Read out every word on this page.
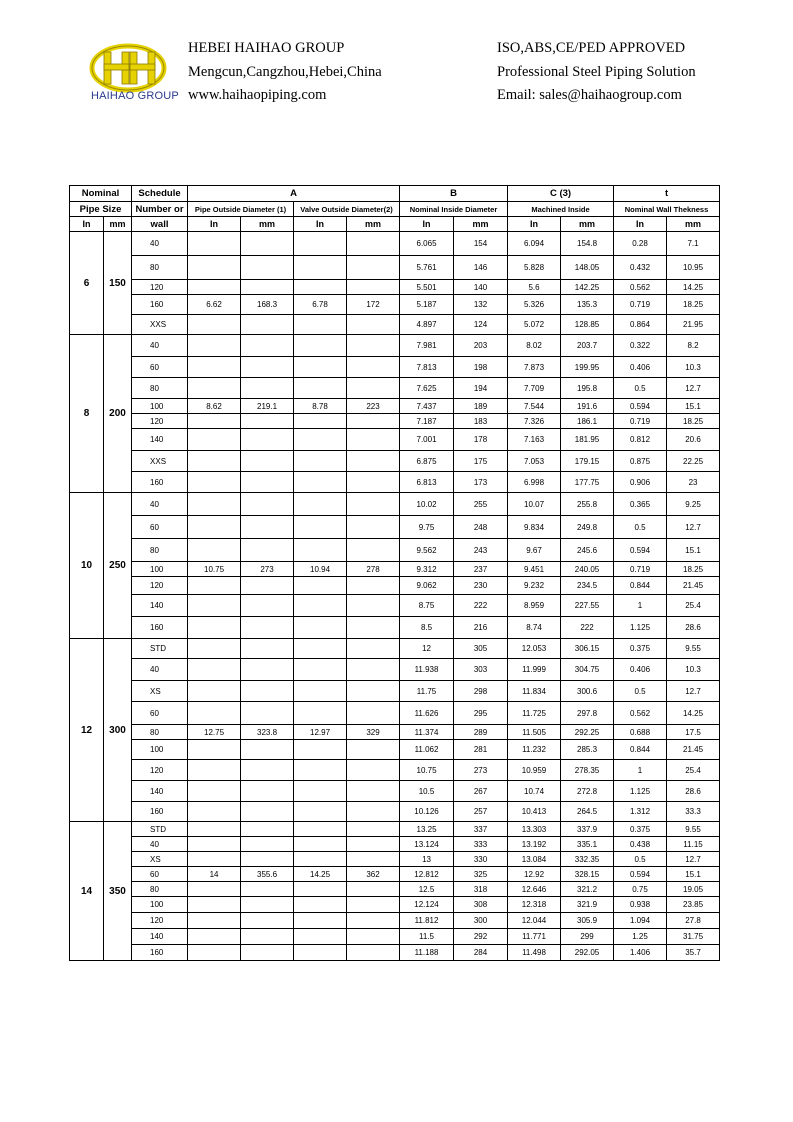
HAIHAO GROUP
HEBEI HAIHAO GROUP
Mengcun,Cangzhou,Hebei,China
www.haihaopiping.com
ISO,ABS,CE/PED APPROVED
Professional Steel Piping Solution
Email: sales@haihaogroup.com
Nominal		Schedule	A				B		C (3)		t	
Pipe Size		Number or	Pipe Outside Diameter (1)		Valve Outside Diameter(2)		Nominal Inside Diameter		Machined Inside		Nominal Wall Thekness	
In	mm	wall	In	mm	In	mm	In	mm	In	mm	In	mm
6	150	40					6.065	154	6.094	154.8	0.28	7.1
		80					5.761	146	5.828	148.05	0.432	10.95
		120					5.501	140	5.6	142.25	0.562	14.25
		160	6.62	168.3	6.78	172	5.187	132	5.326	135.3	0.719	18.25
		XXS					4.897	124	5.072	128.85	0.864	21.95
8	200	40					7.981	203	8.02	203.7	0.322	8.2
		60					7.813	198	7.873	199.95	0.406	10.3
		80					7.625	194	7.709	195.8	0.5	12.7
		100	8.62	219.1	8.78	223	7.437	189	7.544	191.6	0.594	15.1
		120					7.187	183	7.326	186.1	0.719	18.25
		140					7.001	178	7.163	181.95	0.812	20.6
		XXS					6.875	175	7.053	179.15	0.875	22.25
		160					6.813	173	6.998	177.75	0.906	23
10	250	40					10.02	255	10.07	255.8	0.365	9.25
		60					9.75	248	9.834	249.8	0.5	12.7
		80					9.562	243	9.67	245.6	0.594	15.1
		100	10.75	273	10.94	278	9.312	237	9.451	240.05	0.719	18.25
		120					9.062	230	9.232	234.5	0.844	21.45
		140					8.75	222	8.959	227.55	1	25.4
		160					8.5	216	8.74	222	1.125	28.6
12	300	STD					12	305	12.053	306.15	0.375	9.55
		40					11.938	303	11.999	304.75	0.406	10.3
		XS					11.75	298	11.834	300.6	0.5	12.7
		60					11.626	295	11.725	297.8	0.562	14.25
		80	12.75	323.8	12.97	329	11.374	289	11.505	292.25	0.688	17.5
		100					11.062	281	11.232	285.3	0.844	21.45
		120					10.75	273	10.959	278.35	1	25.4
		140					10.5	267	10.74	272.8	1.125	28.6
		160					10.126	257	10.413	264.5	1.312	33.3
14	350	STD					13.25	337	13.303	337.9	0.375	9.55
		40					13.124	333	13.192	335.1	0.438	11.15
		XS					13	330	13.084	332.35	0.5	12.7
		60	14	355.6	14.25	362	12.812	325	12.92	328.15	0.594	15.1
		80					12.5	318	12.646	321.2	0.75	19.05
		100					12.124	308	12.318	321.9	0.938	23.85
		120					11.812	300	12.044	305.9	1.094	27.8
		140					11.5	292	11.771	299	1.25	31.75
		160					11.188	284	11.498	292.05	1.406	35.7
